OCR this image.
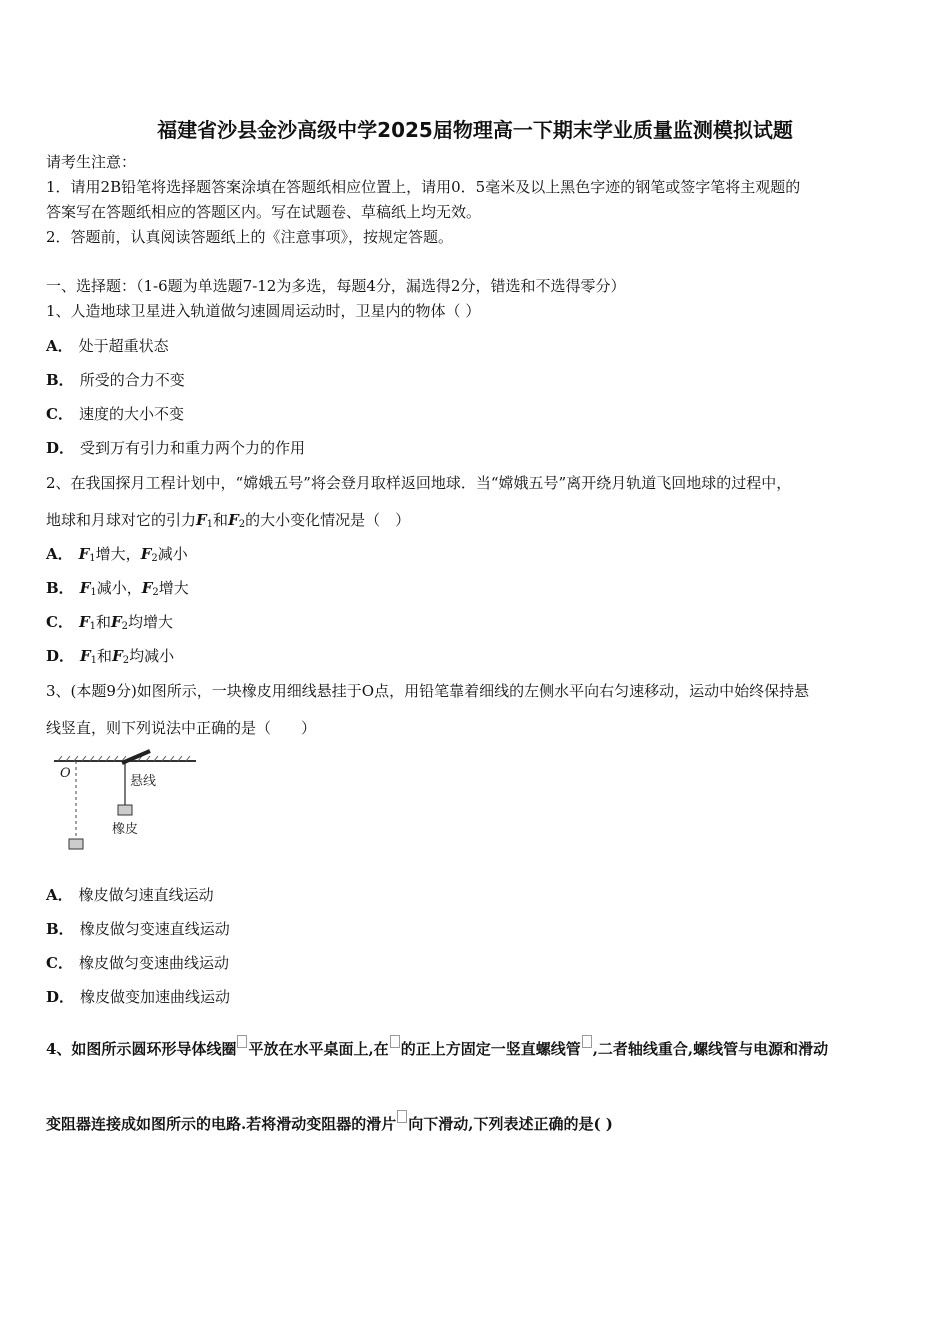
福建省沙县金沙高级中学2025届物理高一下期末学业质量监测模拟试题
请考生注意：
1．请用2B铅笔将选择题答案涂填在答题纸相应位置上，请用0．5毫米及以上黑色字迹的钢笔或签字笔将主观题的
答案写在答题纸相应的答题区内。写在试题卷、草稿纸上均无效。
2．答题前，认真阅读答题纸上的《注意事项》，按规定答题。
一、选择题：（1-6题为单选题7-12为多选，每题4分，漏选得2分，错选和不选得零分）
1、人造地球卫星进入轨道做匀速圆周运动时，卫星内的物体（ ）
A． 处于超重状态
B． 所受的合力不变
C． 速度的大小不变
D． 受到万有引力和重力两个力的作用
2、在我国探月工程计划中，“嫦娥五号”将会登月取样返回地球．当“嫦娥五号”离开绕月轨道飞回地球的过程中，
地球和月球对它的引力$F_1$和$F_2$的大小变化情况是（　）
A． $F_1$增大，$F_2$减小
B． $F_1$减小，$F_2$增大
C． $F_1$和$F_2$均增大
D． $F_1$和$F_2$均减小
3、(本题9分)如图所示，一块橡皮用细线悬挂于O点，用铅笔靠着细线的左侧水平向右匀速移动，运动中始终保持悬
线竖直，则下列说法中正确的是（　　）
O
悬线
橡皮
A． 橡皮做匀速直线运动
B． 橡皮做匀变速直线运动
C． 橡皮做匀变速曲线运动
D． 橡皮做变加速曲线运动
4、如图所示圆环形导体线圈 平放在水平桌面上,在 的正上方固定一竖直螺线管 ,二者轴线重合,螺线管与电源和滑动
变阻器连接成如图所示的电路.若将滑动变阻器的滑片 向下滑动,下列表述正确的是( )
